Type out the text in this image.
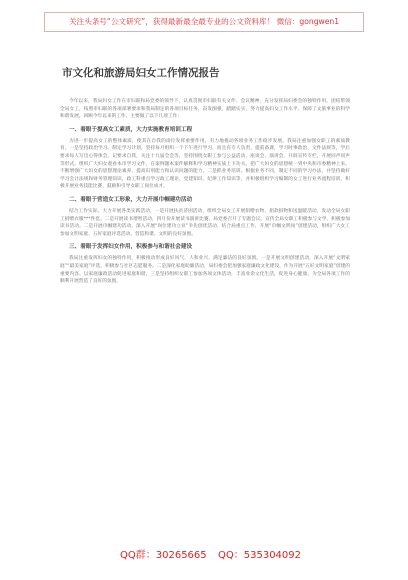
关注头条号“公文研究”，获得最新最全最专业的公文资料库！ 微信：gongwen1
市文化和旅游局妇女工作情况报告

今年以来，我局妇女工作在市妇联和局党委的领导下，认真贯彻市妇联有关文件、会议精神，充分发挥局妇委会的独特作用，团结带领全局女工，按照市妇联的各项部署要求和我局制定的各项目标任务，奋发图强，踏踏实实，努力提高妇女工作水平，保障了文旅事业的科学和谐发展。回顾今年以来的工作，主要做了以下几项工作：

一、着眼于提高女工素质，大力实施教育培训工程

为进一步提高女工的整体素质，使其在自我的岗位发挥重要作用，有力地推动各项业务工作稳步发展。我局注重加强女职工的素质教育，一是坚持政治学习。制定学习计划，坚持每月组织一个下午进行学习，而且有专人负责，提前备课，学习时事政治、文件法规等，学后要求每人写出心得体会。记要求自我，关注十九届全会等，坚持围绕女职工参与公益活动、座谈会、演讲会、开辟宣传专栏，开展同声同声等形式。组织广大妇女观看本市学习文件，在案例题本案件解释和学习精神实质上下功夫。把广大妇女的思想统一到中央和市委精神上来。不断增强广大妇女的思想理论素养，提高识别能力和认识问题的能力。二是抓业务培训。根据业务不同，制定不同的学习办法，并坚持做好学习会计法规和财务管理知识，政工科重点学习政工理论、党建知识、纪律工作知识等，并积极组织学习编制的女工进行业务流程培训，积极开展业务技能比赛，鼓励和引导女职工岗位成才。

二、着眼于营造女工形象，大力开展巾帼建功活动

结合工作实际，大力开展各类实践活动，一是开展扶贫济困活动，组织全局女工开展捐赠衣物、捐款捐物和送温暖活动，发动全局女职工捐赠衣服***件套。二是开展读书增智活动，四月份开展读书演讲比赛，局党委召开了专题会议，宣传全局女职工积极参与文学，积极参加读书活动。二是开展巾帼建功活动，深入开展“岗位建功立业”争先创优活动，结合局重点工作，开展“巾帼文明岗”创建活动，组织广大女工参加文明家庭、五好家庭评选活动，营造和谐、文明的良好氛围。

三、着眼于发挥妇女作用，积极参与和谐社会建设

我局注重发挥妇女的独特作用，积极推动形成良好风气，人和业兴，满足廉洁的良好氛围。一是开展文明创建活动，深入开展“文明家庭”“最美家庭”评选，积极参与社区志愿服务。二是深化家庭助廉活动，局妇委会把加强家庭廉政文化建设，作为开展“五好文明家庭”创建的重要内容。以家庭廉政活动促进家庭和谐，三是坚持组织女职工参加各项文体活动，丰富业余文化生活，促进身心健康，为全局各项工作的顺利开展营造了良好的氛围。

QQ群：30265665 QQ：535304092
